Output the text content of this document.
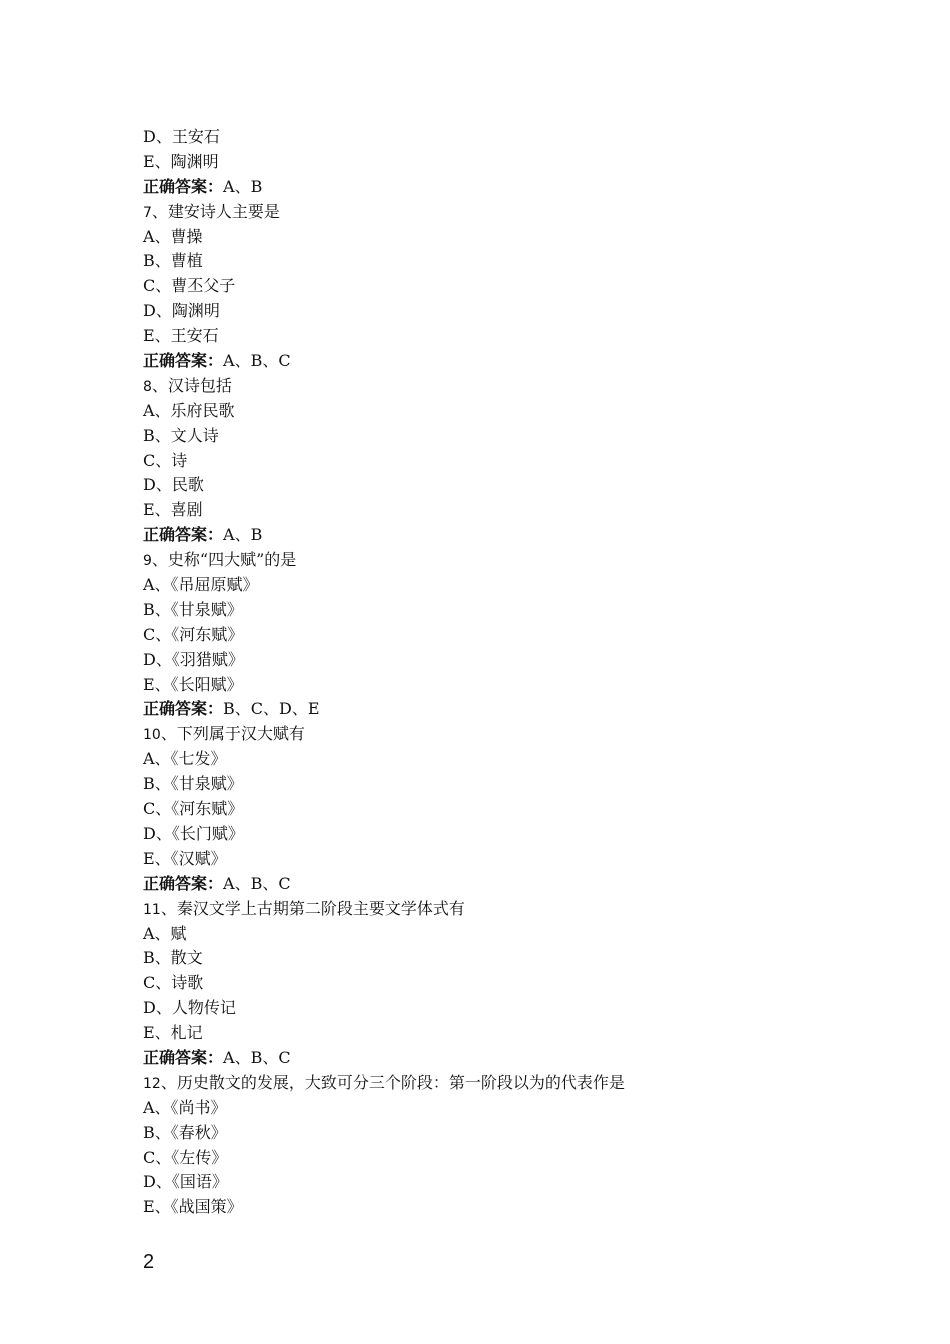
D、王安石
E、陶渊明
正确答案：A、B
7、建安诗人主要是
A、曹操
B、曹植
C、曹丕父子
D、陶渊明
E、王安石
正确答案：A、B、C
8、汉诗包括
A、乐府民歌
B、文人诗
C、诗
D、民歌
E、喜剧
正确答案：A、B
9、史称“四大赋”的是
A、《吊屈原赋》
B、《甘泉赋》
C、《河东赋》
D、《羽猎赋》
E、《长阳赋》
正确答案：B、C、D、E
10、下列属于汉大赋有
A、《七发》
B、《甘泉赋》
C、《河东赋》
D、《长门赋》
E、《汉赋》
正确答案：A、B、C
11、秦汉文学上古期第二阶段主要文学体式有
A、赋
B、散文
C、诗歌
D、人物传记
E、札记
正确答案：A、B、C
12、历史散文的发展，大致可分三个阶段：第一阶段以为的代表作是
A、《尚书》
B、《春秋》
C、《左传》
D、《国语》
E、《战国策》
2
